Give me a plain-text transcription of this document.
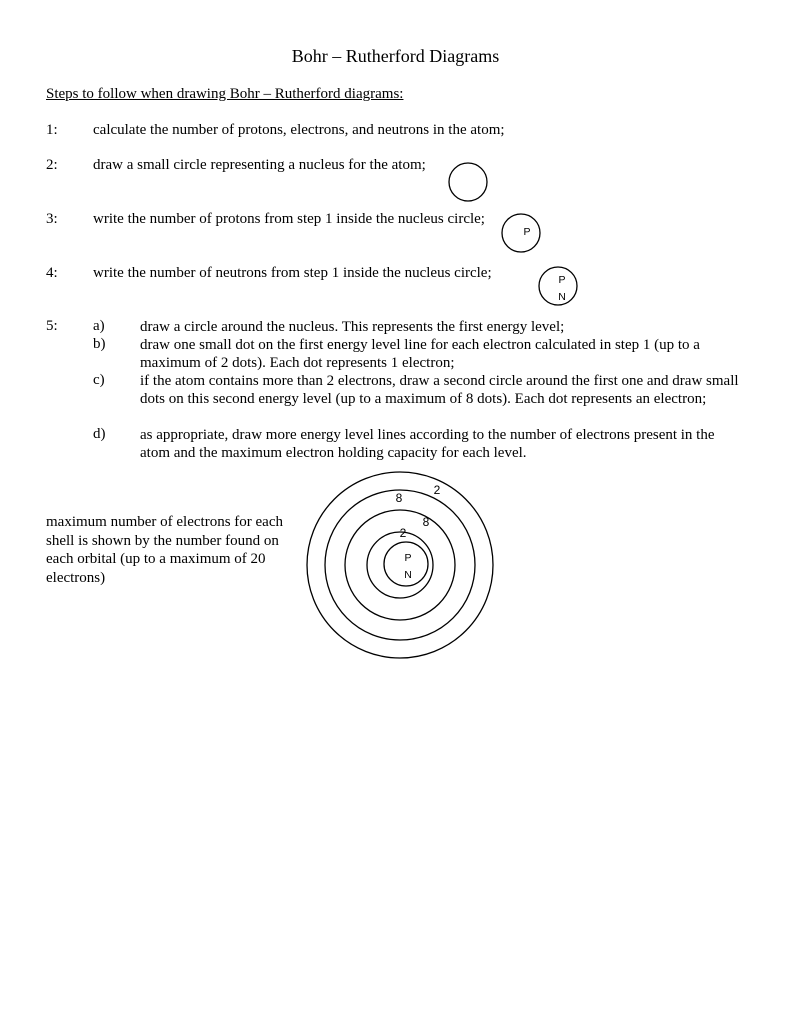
Bohr – Rutherford Diagrams
Steps to follow when drawing Bohr – Rutherford diagrams:
1: calculate the number of protons, electrons, and neutrons in the atom;
2: draw a small circle representing a nucleus for the atom;
3: write the number of protons from step 1 inside the nucleus circle;
4: write the number of neutrons from step 1 inside the nucleus circle;
5: a) draw a circle around the nucleus. This represents the first energy level;
b) draw one small dot on the first energy level line for each electron calculated in step 1 (up to a maximum of 2 dots). Each dot represents 1 electron;
c) if the atom contains more than 2 electrons, draw a second circle around the first one and draw small dots on this second energy level (up to a maximum of 8 dots). Each dot represents an electron;
d) as appropriate, draw more energy level lines according to the number of electrons present in the atom and the maximum electron holding capacity for each level.
maximum number of electrons for each shell is shown by the number found on each orbital (up to a maximum of 20 electrons)
P
P
N
P
N
2
8
8
2
